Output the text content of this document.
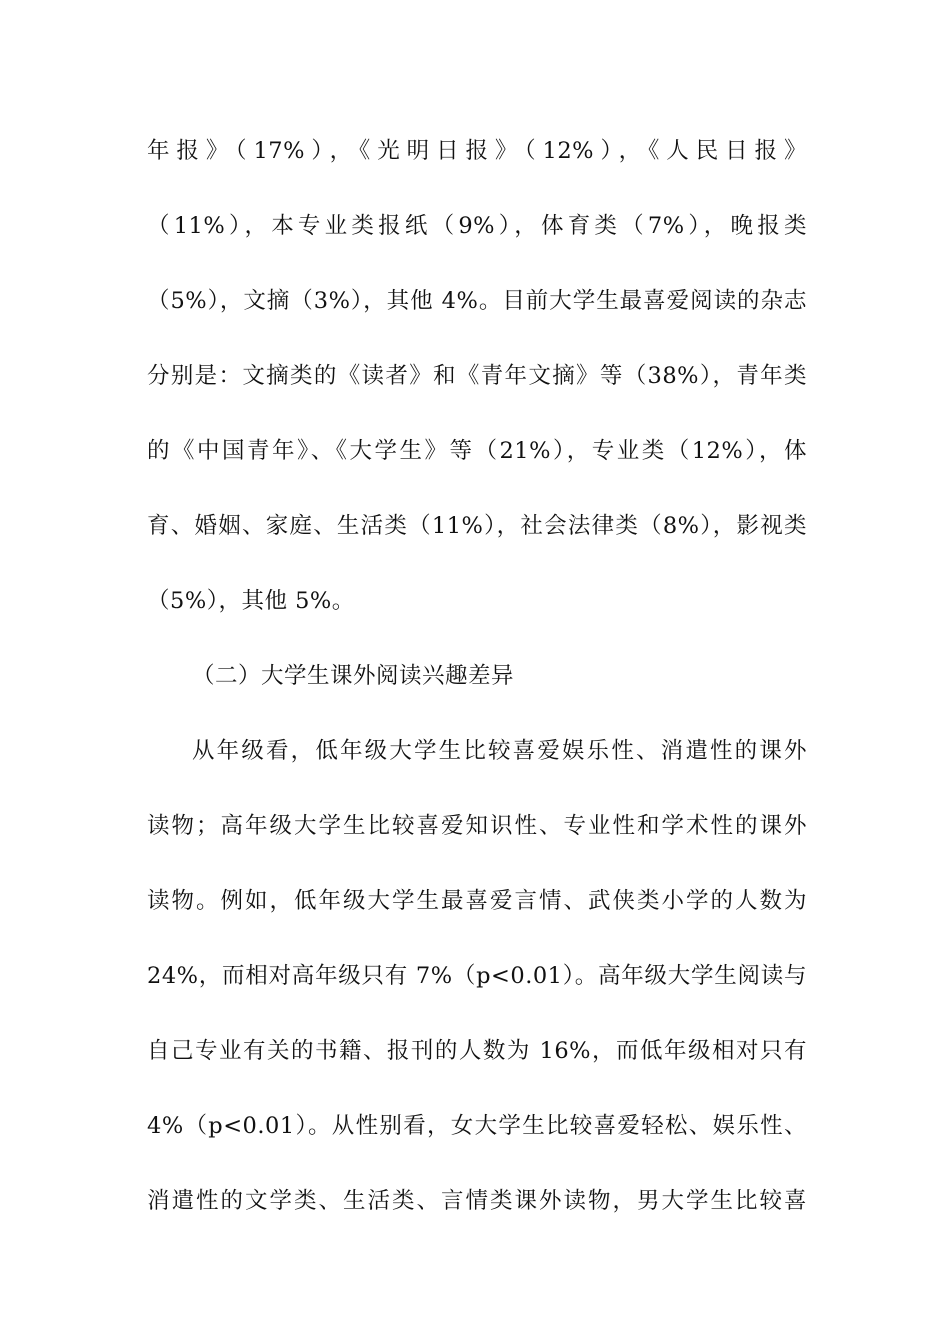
年报》（17%），《光明日报》（12%），《人民日报》
（11%），本专业类报纸（9%），体育类（7%），晚报类
（5%），文摘（3%），其他 4%。目前大学生最喜爱阅读的杂志
分别是：文摘类的《读者》和《青年文摘》等（38%），青年类
的《中国青年》、《大学生》等（21%），专业类（12%），体
育、婚姻、家庭、生活类（11%），社会法律类（8%），影视类
（5%），其他 5%。
（二）大学生课外阅读兴趣差异
从年级看，低年级大学生比较喜爱娱乐性、消遣性的课外
读物；高年级大学生比较喜爱知识性、专业性和学术性的课外
读物。例如，低年级大学生最喜爱言情、武侠类小学的人数为
24%，而相对高年级只有 7%（p<0.01）。高年级大学生阅读与
自己专业有关的书籍、报刊的人数为 16%，而低年级相对只有
4%（p<0.01）。从性别看，女大学生比较喜爱轻松、娱乐性、
消遣性的文学类、生活类、言情类课外读物，男大学生比较喜
